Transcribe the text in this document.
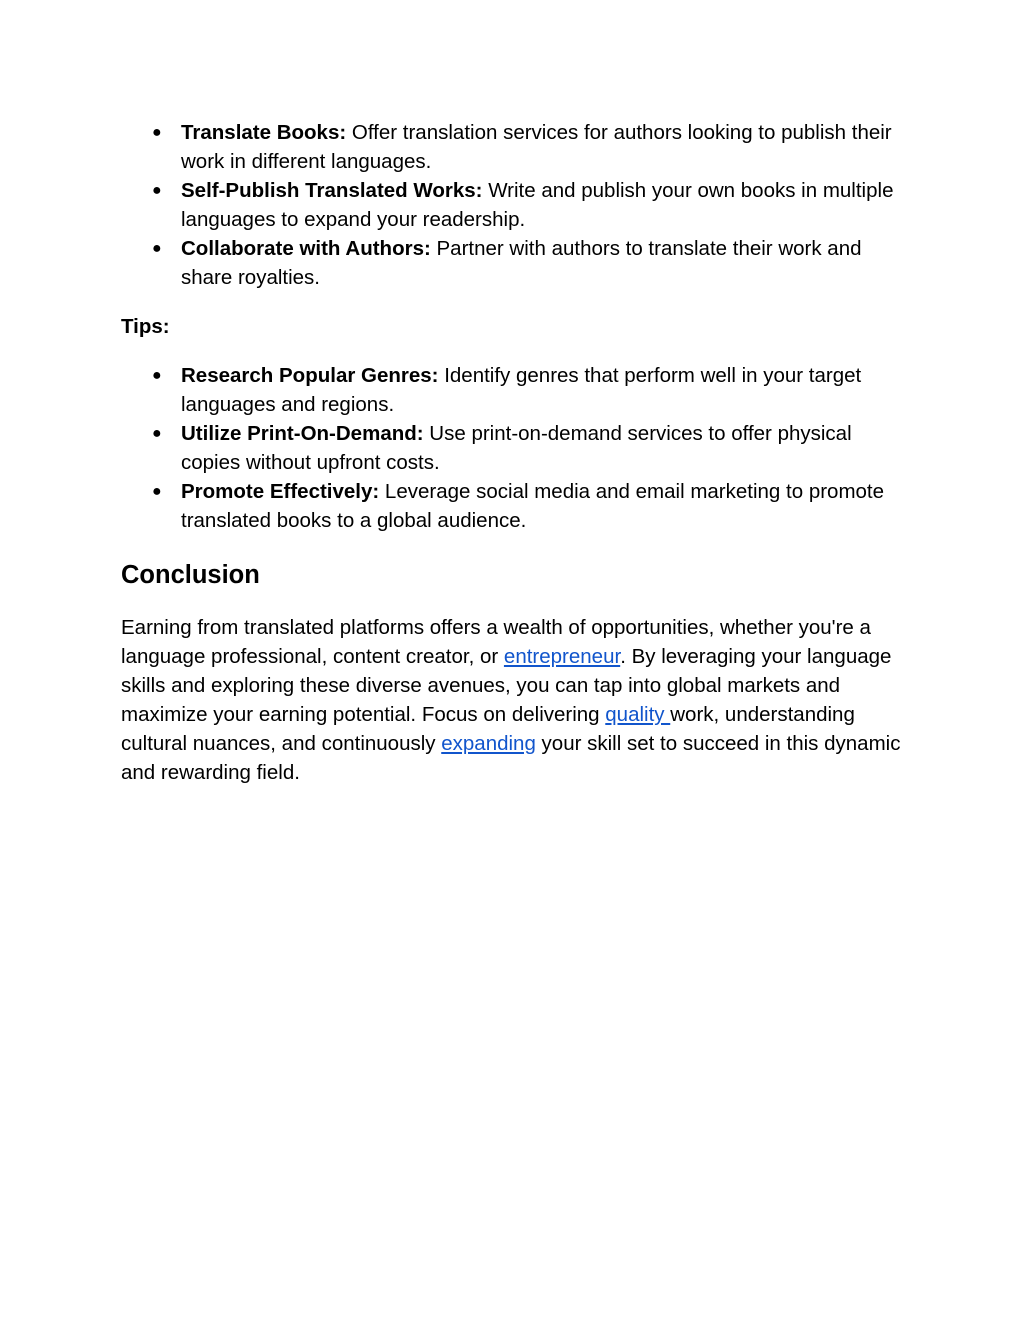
● Translate Books: Offer translation services for authors looking to publish their work in different languages.
● Self-Publish Translated Works: Write and publish your own books in multiple languages to expand your readership.
● Collaborate with Authors: Partner with authors to translate their work and share royalties.
Tips:
● Research Popular Genres: Identify genres that perform well in your target languages and regions.
● Utilize Print-On-Demand: Use print-on-demand services to offer physical copies without upfront costs.
● Promote Effectively: Leverage social media and email marketing to promote translated books to a global audience.
Conclusion

Earning from translated platforms offers a wealth of opportunities, whether you're a language professional, content creator, or entrepreneur. By leveraging your language skills and exploring these diverse avenues, you can tap into global markets and maximize your earning potential. Focus on delivering quality work, understanding cultural nuances, and continuously expanding your skill set to succeed in this dynamic and rewarding field.
